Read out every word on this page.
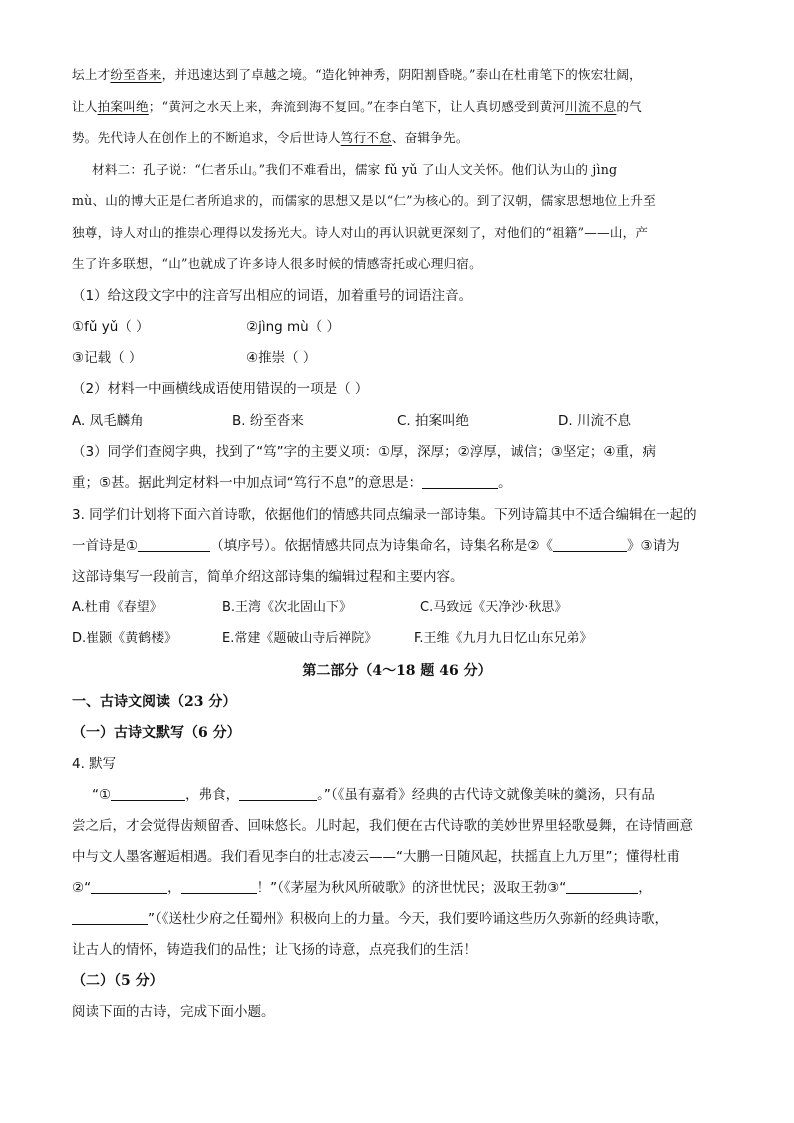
坛上才纷至沓来，并迅速达到了卓越之境。“造化钟神秀，阴阳割昏晓。”泰山在杜甫笔下的恢宏壮阔，
让人拍案叫绝；“黄河之水天上来，奔流到海不复回。”在李白笔下，让人真切感受到黄河川流不息的气
势。先代诗人在创作上的不断追求，令后世诗人笃行不怠、奋辑争先。
材料二：孔子说：“仁者乐山。”我们不难看出，儒家 fǔ yǔ 了山人文关怀。他们认为山的 jìng
mù、山的博大正是仁者所追求的，而儒家的思想又是以“仁”为核心的。到了汉朝，儒家思想地位上升至
独尊，诗人对山的推崇心理得以发扬光大。诗人对山的再认识就更深刻了，对他们的“祖籍”——山，产
生了许多联想，“山”也就成了许多诗人很多时候的情感寄托或心理归宿。
（1）给这段文字中的注音写出相应的词语，加着重号的词语注音。
①fǔ yǔ（ ）	②jìng mù（ ）
③记载（ ）	④推崇（ ）
（2）材料一中画横线成语使用错误的一项是（ ）
A. 凤毛麟角	B. 纷至沓来	C. 拍案叫绝	D. 川流不息
（3）同学们查阅字典，找到了“笃”字的主要义项：①厚，深厚；②淳厚，诚信；③坚定；④重，病
重；⑤甚。据此判定材料一中加点词“笃行不息”的意思是：	。
3. 同学们计划将下面六首诗歌，依据他们的情感共同点编录一部诗集。下列诗篇其中不适合编辑在一起的
一首诗是①	（填序号）。依据情感共同点为诗集命名，诗集名称是②《	》③请为
这部诗集写一段前言，简单介绍这部诗集的编辑过程和主要内容。
A.杜甫《春望》	B.王湾《次北固山下》	C.马致远《天净沙·秋思》
D.崔颢《黄鹤楼》	E.常建《题破山寺后禅院》	F.王维《九月九日忆山东兄弟》
第二部分（4～18 题 46 分）
一、古诗文阅读（23 分）
（一）古诗文默写（6 分）
4. 默写
“①	，弗食，	。”（《虽有嘉肴》经典的古代诗文就像美味的羹汤，只有品
尝之后，才会觉得齿颊留香、回味悠长。儿时起，我们便在古代诗歌的美妙世界里轻歌曼舞，在诗情画意
中与文人墨客邂逅相遇。我们看见李白的壮志凌云——“大鹏一日随风起，扶摇直上九万里”；懂得杜甫
②“	，	！”（《茅屋为秋风所破歌》的济世忧民；汲取王勃③“	，
”（《送杜少府之任蜀州》积极向上的力量。今天，我们要吟诵这些历久弥新的经典诗歌，
让古人的情怀，铸造我们的品性；让飞扬的诗意，点亮我们的生活！
（二）（5 分）
阅读下面的古诗，完成下面小题。
